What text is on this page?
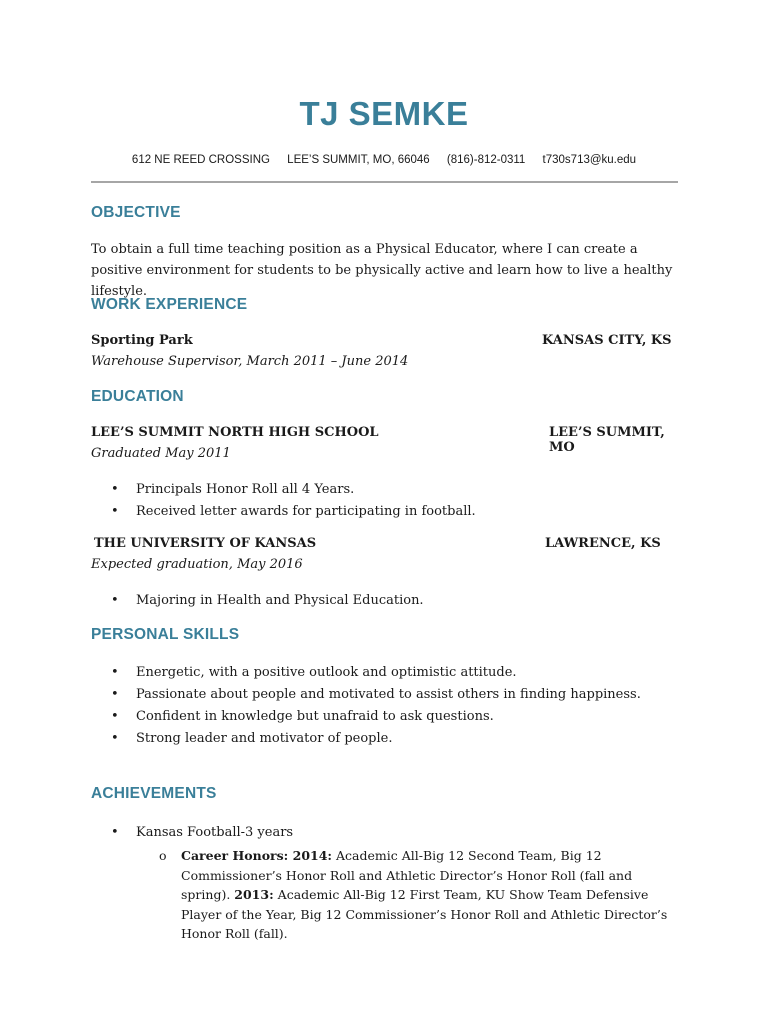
TJ SEMKE
612 NE REED CROSSING LEE’S SUMMIT, MO, 66046 (816)-812-0311 t730s713@ku.edu
OBJECTIVE
To obtain a full time teaching position as a Physical Educator, where I can create a positive environment for students to be physically active and learn how to live a healthy lifestyle.
WORK EXPERIENCE
Sporting Park	KANSAS CITY, KS
Warehouse Supervisor, March 2011 – June 2014
EDUCATION
LEE’S SUMMIT NORTH HIGH SCHOOL	LEE’S SUMMIT, MO
Graduated May 2011
• Principals Honor Roll all 4 Years.
• Received letter awards for participating in football.
THE UNIVERSITY OF KANSAS	LAWRENCE, KS
Expected graduation, May 2016
• Majoring in Health and Physical Education.
PERSONAL SKILLS
• Energetic, with a positive outlook and optimistic attitude.
• Passionate about people and motivated to assist others in finding happiness.
• Confident in knowledge but unafraid to ask questions.
• Strong leader and motivator of people.
ACHIEVEMENTS
• Kansas Football-3 years
o Career Honors: 2014: Academic All-Big 12 Second Team, Big 12 Commissioner’s Honor Roll and Athletic Director’s Honor Roll (fall and spring). 2013: Academic All-Big 12 First Team, KU Show Team Defensive Player of the Year, Big 12 Commissioner’s Honor Roll and Athletic Director’s Honor Roll (fall).
